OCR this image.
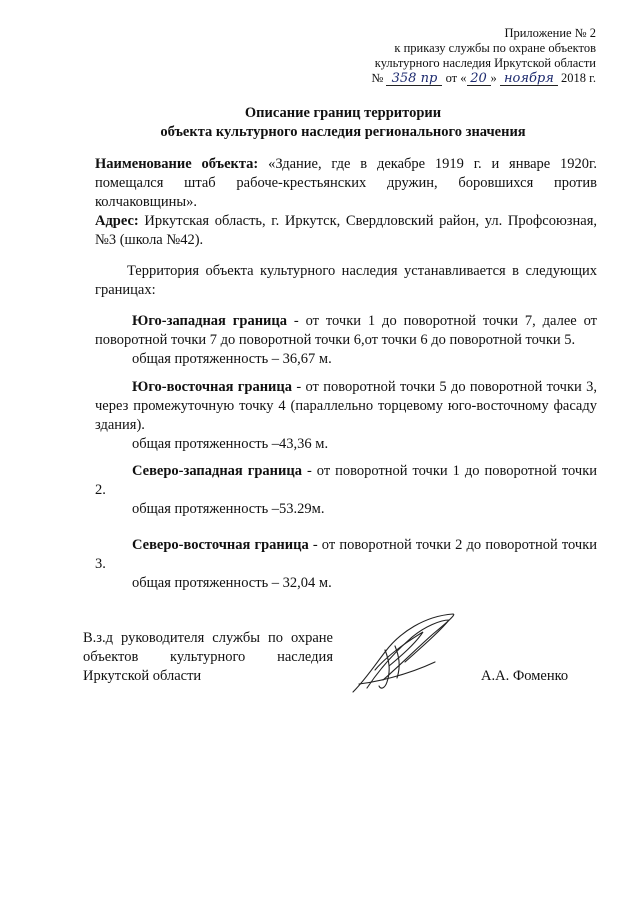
Приложение № 2
к приказу службы по охране объектов
культурного наследия Иркутской области
№ 358 пр от « 20 » ноября 2018 г.
Описание границ территории
объекта культурного наследия регионального значения
Наименование объекта: «Здание, где в декабре 1919 г. и январе 1920г. помещался штаб рабоче-крестьянских дружин, боровшихся против колчаковщины».
Адрес: Иркутская область, г. Иркутск, Свердловский район, ул. Профсоюзная, №3 (школа №42).
Территория объекта культурного наследия устанавливается в следующих границах:
Юго-западная граница - от точки 1 до поворотной точки 7, далее от поворотной точки 7 до поворотной точки 6,от точки 6 до поворотной точки 5.
общая протяженность – 36,67 м.
Юго-восточная граница - от поворотной точки 5 до поворотной точки 3, через промежуточную точку 4 (параллельно торцевому юго-восточному фасаду здания).
общая протяженность –43,36 м.
Северо-западная граница - от поворотной точки 1 до поворотной точки 2.
общая протяженность –53.29м.
Северо-восточная граница - от поворотной точки 2 до поворотной точки 3.
общая протяженность – 32,04 м.
В.з.д руководителя службы по охране объектов культурного наследия Иркутской области	А.А. Фоменко
